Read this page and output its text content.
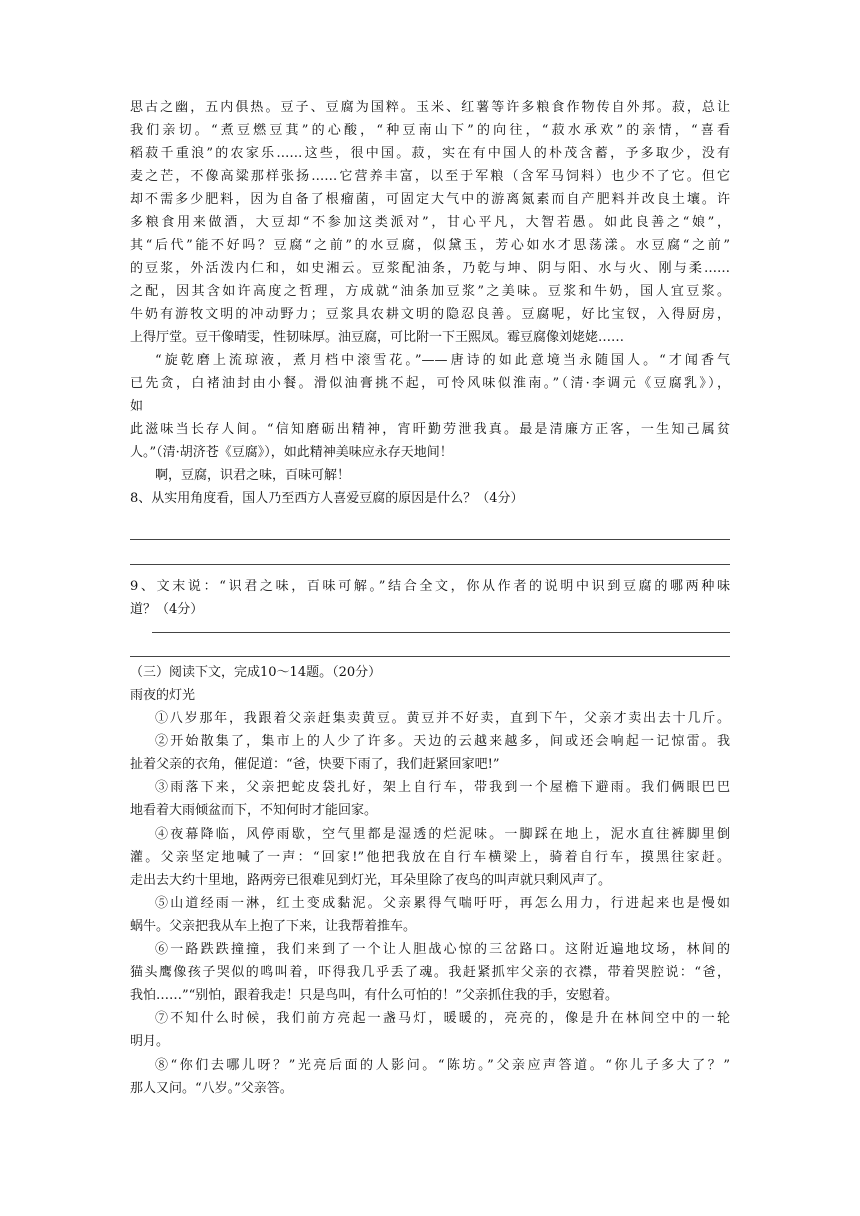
思古之幽，五内俱热。豆子、豆腐为国粹。玉米、红薯等许多粮食作物传自外邦。菽，总让
我们亲切。“煮豆燃豆萁”的心酸，“种豆南山下”的向往，“菽水承欢”的亲情，“喜看
稻菽千重浪”的农家乐……这些，很中国。菽，实在有中国人的朴茂含蓄，予多取少，没有
麦之芒，不像高粱那样张扬……它营养丰富，以至于军粮（含军马饲料）也少不了它。但它
却不需多少肥料，因为自备了根瘤菌，可固定大气中的游离氮素而自产肥料并改良土壤。许
多粮食用来做酒，大豆却“不参加这类派对”，甘心平凡，大智若愚。如此良善之“娘”，
其“后代”能不好吗？豆腐“之前”的水豆腐，似黛玉，芳心如水才思荡漾。水豆腐“之前”
的豆浆，外活泼内仁和，如史湘云。豆浆配油条，乃乾与坤、阴与阳、水与火、刚与柔……
之配，因其含如许高度之哲理，方成就“油条加豆浆”之美味。豆浆和牛奶，国人宜豆浆。
牛奶有游牧文明的冲动野力；豆浆具农耕文明的隐忍良善。豆腐呢，好比宝钗，入得厨房，
上得厅堂。豆干像晴雯，性韧味厚。油豆腐，可比附一下王熙凤。霉豆腐像刘姥姥……
“旋乾磨上流琼液，煮月档中滚雪花。”——唐诗的如此意境当永随国人。“才闻香气
已先贪，白褚油封由小餐。滑似油膏挑不起，可怜风味似淮南。”（清·李调元《豆腐乳》），
如
此滋味当长存人间。“信知磨砺出精神，宵旰勤劳泄我真。最是清廉方正客，一生知己属贫
人。”（清·胡济苍《豆腐》），如此精神美味应永存天地间！
啊，豆腐，识君之味，百味可解！
8、从实用角度看，国人乃至西方人喜爱豆腐的原因是什么？（4分）
9、文末说：“识君之味，百味可解。”结合全文，你从作者的说明中识到豆腐的哪两种味
道？（4分）
（三）阅读下文，完成10～14题。（20分）
雨夜的灯光
①八岁那年，我跟着父亲赶集卖黄豆。黄豆并不好卖，直到下午，父亲才卖出去十几斤。
②开始散集了，集市上的人少了许多。天边的云越来越多，间或还会响起一记惊雷。我
扯着父亲的衣角，催促道：“爸，快要下雨了，我们赶紧回家吧!”
③雨落下来，父亲把蛇皮袋扎好，架上自行车，带我到一个屋檐下避雨。我们俩眼巴巴
地看着大雨倾盆而下，不知何时才能回家。
④夜幕降临，风停雨歇，空气里都是湿透的烂泥味。一脚踩在地上，泥水直往裤脚里倒
灌。父亲坚定地喊了一声：“回家!”他把我放在自行车横梁上，骑着自行车，摸黑往家赶。
走出去大约十里地，路两旁已很难见到灯光，耳朵里除了夜鸟的叫声就只剩风声了。
⑤山道经雨一淋，红土变成黏泥。父亲累得气喘吁吁，再怎么用力，行进起来也是慢如
蜗牛。父亲把我从车上抱了下来，让我帮着推车。
⑥一路跌跌撞撞，我们来到了一个让人胆战心惊的三岔路口。这附近遍地坟场，林间的
猫头鹰像孩子哭似的鸣叫着，吓得我几乎丢了魂。我赶紧抓牢父亲的衣襟，带着哭腔说：“爸，
我怕……”“别怕，跟着我走！只是鸟叫，有什么可怕的！”父亲抓住我的手，安慰着。
⑦不知什么时候，我们前方亮起一盏马灯，暖暖的，亮亮的，像是升在林间空中的一轮
明月。
⑧“你们去哪儿呀？”光亮后面的人影问。“陈坊。”父亲应声答道。“你儿子多大了？”
那人又问。“八岁。”父亲答。
